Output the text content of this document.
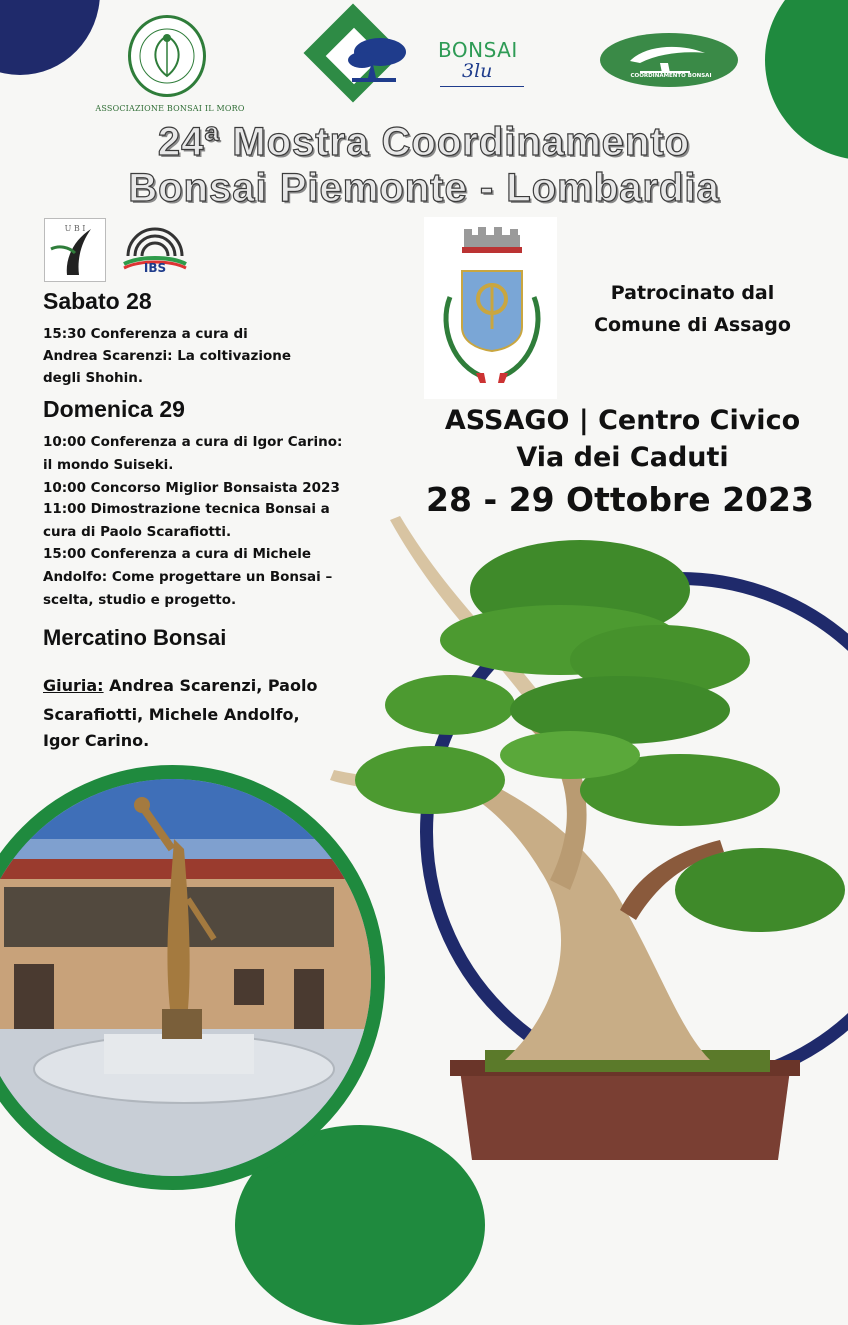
ASSOCIAZIONE BONSAI IL MORO
BONSAI
3lu	COORDINAMENTO BONSAI
24ª Mostra Coordinamento
Bonsai Piemonte - Lombardia
U B I
IBS
Sabato 28
15:30 Conferenza a cura di
Andrea Scarenzi: La coltivazione
degli Shohin.
Domenica 29
10:00 Conferenza a cura di Igor Carino:
il mondo Suiseki.
10:00 Concorso Miglior Bonsaista 2023
11:00 Dimostrazione tecnica Bonsai a
cura di Paolo Scarafiotti.
15:00 Conferenza a cura di Michele
Andolfo: Come progettare un Bonsai –
scelta, studio e progetto.
Mercatino Bonsai
Giuria: Andrea Scarenzi, Paolo
Scarafiotti, Michele Andolfo,
Igor Carino.
Patrocinato dal
Comune di Assago
ASSAGO | Centro Civico
Via dei Caduti
28 - 29 Ottobre 2023
